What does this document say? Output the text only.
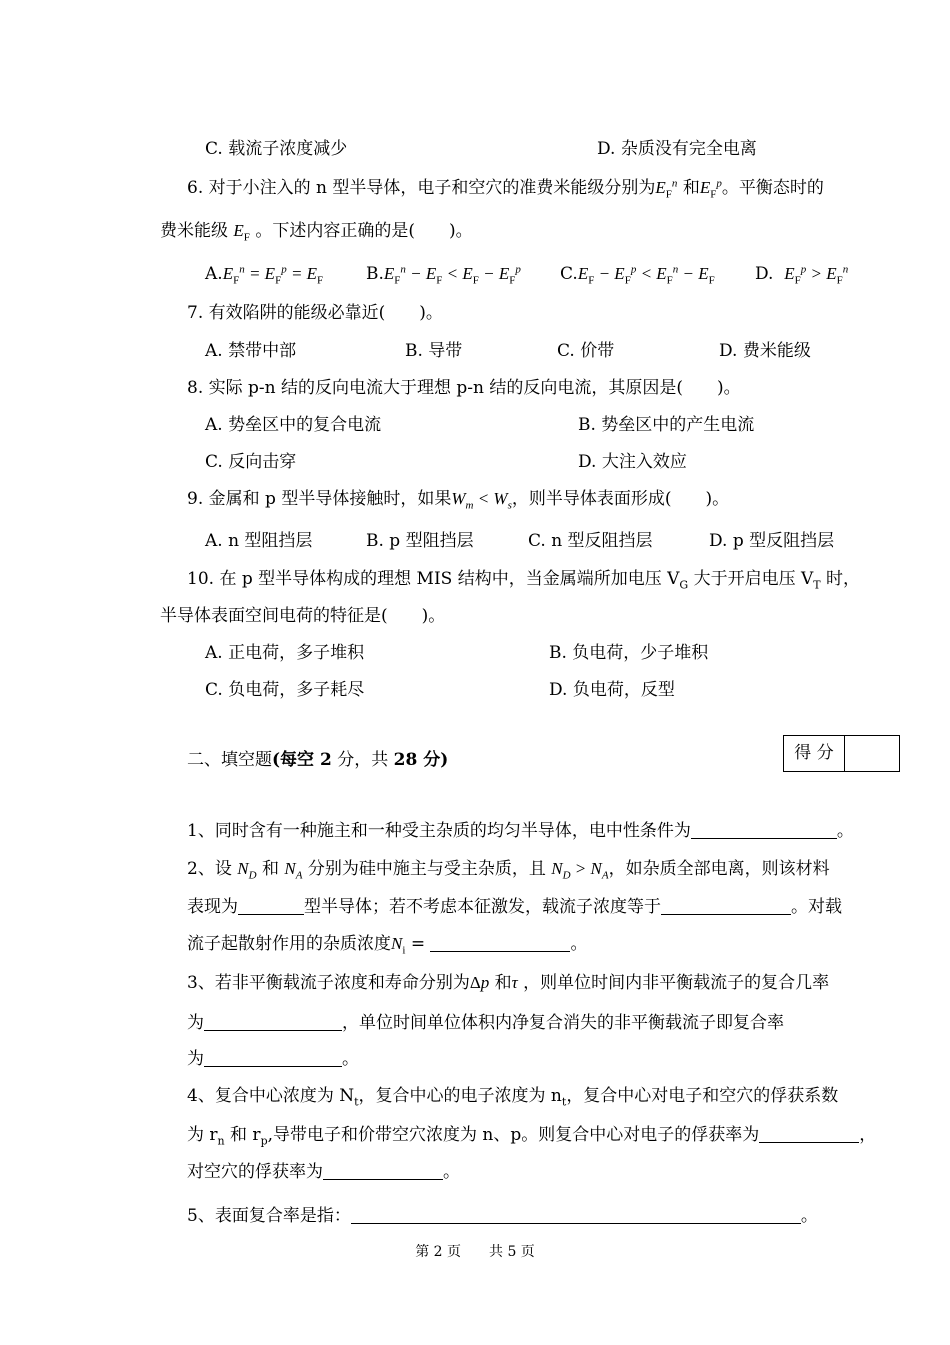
C. 载流子浓度减少	D. 杂质没有完全电离
6. 对于小注入的 n 型半导体，电子和空穴的准费米能级分别为$E_F^n$ 和$E_F^p$。平衡态时的
费米能级 $E_F$ 。下述内容正确的是(　　)。
$A.E_F^n = E_F^p = E_F$	$B.E_F^n - E_F < E_F - E_F^p$ $C.E_F - E_F^p < E_F^n - E_F$ D. $E_F^p > E_F^n$
7. 有效陷阱的能级必靠近(　　)。
A. 禁带中部	B. 导带	C. 价带	D. 费米能级
8. 实际 p-n 结的反向电流大于理想 p-n 结的反向电流，其原因是(　　)。
A. 势垒区中的复合电流	B. 势垒区中的产生电流
C. 反向击穿	D. 大注入效应
9. 金属和 p 型半导体接触时，如果$W_m < W_s$，则半导体表面形成(　　)。
A. n 型阻挡层	B. p 型阻挡层	C. n 型反阻挡层	D. p 型反阻挡层
10. 在 p 型半导体构成的理想 MIS 结构中，当金属端所加电压 $V_G$ 大于开启电压 $V_T$ 时，
半导体表面空间电荷的特征是(　　)。
A. 正电荷，多子堆积	B. 负电荷，少子堆积
C. 负电荷，多子耗尽	D. 负电荷，反型
二、填空题(每空 2 分，共 28 分)	得 分
1、同时含有一种施主和一种受主杂质的均匀半导体，电中性条件为	。
2、设 $N_D$ 和 $N_A$ 分别为硅中施主与受主杂质，且 $N_D > N_A$，如杂质全部电离，则该材料
表现为	型半导体；若不考虑本征激发，载流子浓度等于	。对载
流子起散射作用的杂质浓度$N_i$ =	。
3、若非平衡载流子浓度和寿命分别为Δp 和τ ，则单位时间内非平衡载流子的复合几率
为	，单位时间单位体积内净复合消失的非平衡载流子即复合率
为	。
4、复合中心浓度为 $N_t$，复合中心的电子浓度为 $n_t$，复合中心对电子和空穴的俘获系数
为 $r_n$ 和 $r_p$,导带电子和价带空穴浓度为 n、p。则复合中心对电子的俘获率为	，
对空穴的俘获率为	。
5、表面复合率是指：	。
第 2 页　　共 5 页
